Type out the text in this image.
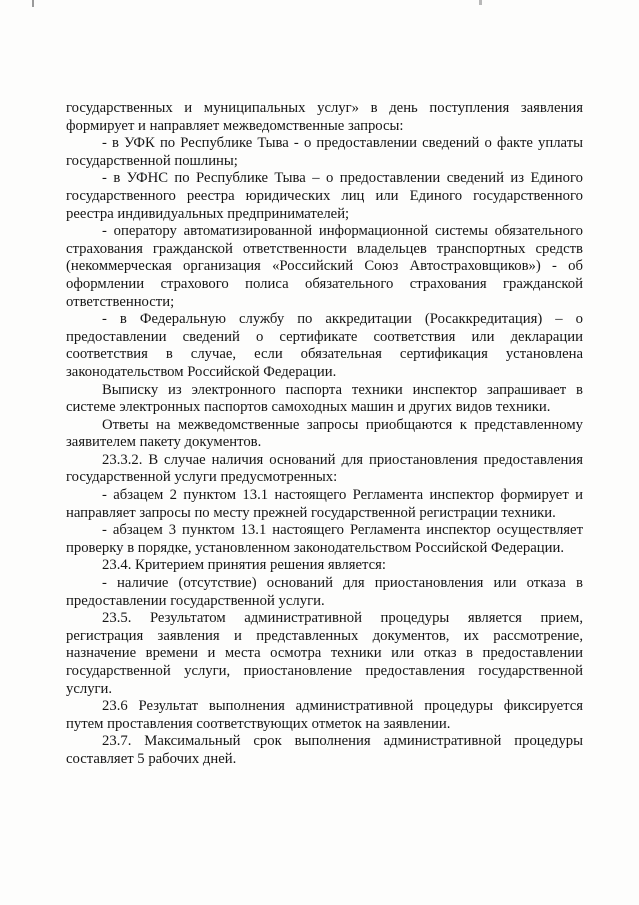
государственных и муниципальных услуг» в день поступления заявления формирует и направляет межведомственные запросы:

- в УФК по Республике Тыва - о предоставлении сведений о факте уплаты государственной пошлины;

- в УФНС по Республике Тыва – о предоставлении сведений из Единого государственного реестра юридических лиц или Единого государственного реестра индивидуальных предпринимателей;

- оператору автоматизированной информационной системы обязательного страхования гражданской ответственности владельцев транспортных средств (некоммерческая организация «Российский Союз Автостраховщиков») - об оформлении страхового полиса обязательного страхования гражданской ответственности;

- в Федеральную службу по аккредитации (Росаккредитация) – о предоставлении сведений о сертификате соответствия или декларации соответствия в случае, если обязательная сертификация установлена законодательством Российской Федерации.

Выписку из электронного паспорта техники инспектор запрашивает в системе электронных паспортов самоходных машин и других видов техники.

Ответы на межведомственные запросы приобщаются к представленному заявителем пакету документов.

23.3.2. В случае наличия оснований для приостановления предоставления государственной услуги предусмотренных:

- абзацем 2 пунктом 13.1 настоящего Регламента инспектор формирует и направляет запросы по месту прежней государственной регистрации техники.

- абзацем 3 пунктом 13.1 настоящего Регламента инспектор осуществляет проверку в порядке, установленном законодательством Российской Федерации.

23.4. Критерием принятия решения является:

- наличие (отсутствие) оснований для приостановления или отказа в предоставлении государственной услуги.

23.5. Результатом административной процедуры является прием, регистрация заявления и представленных документов, их рассмотрение, назначение времени и места осмотра техники или отказ в предоставлении государственной услуги, приостановление предоставления государственной услуги.

23.6 Результат выполнения административной процедуры фиксируется путем проставления соответствующих отметок на заявлении.

23.7. Максимальный срок выполнения административной процедуры составляет 5 рабочих дней.
